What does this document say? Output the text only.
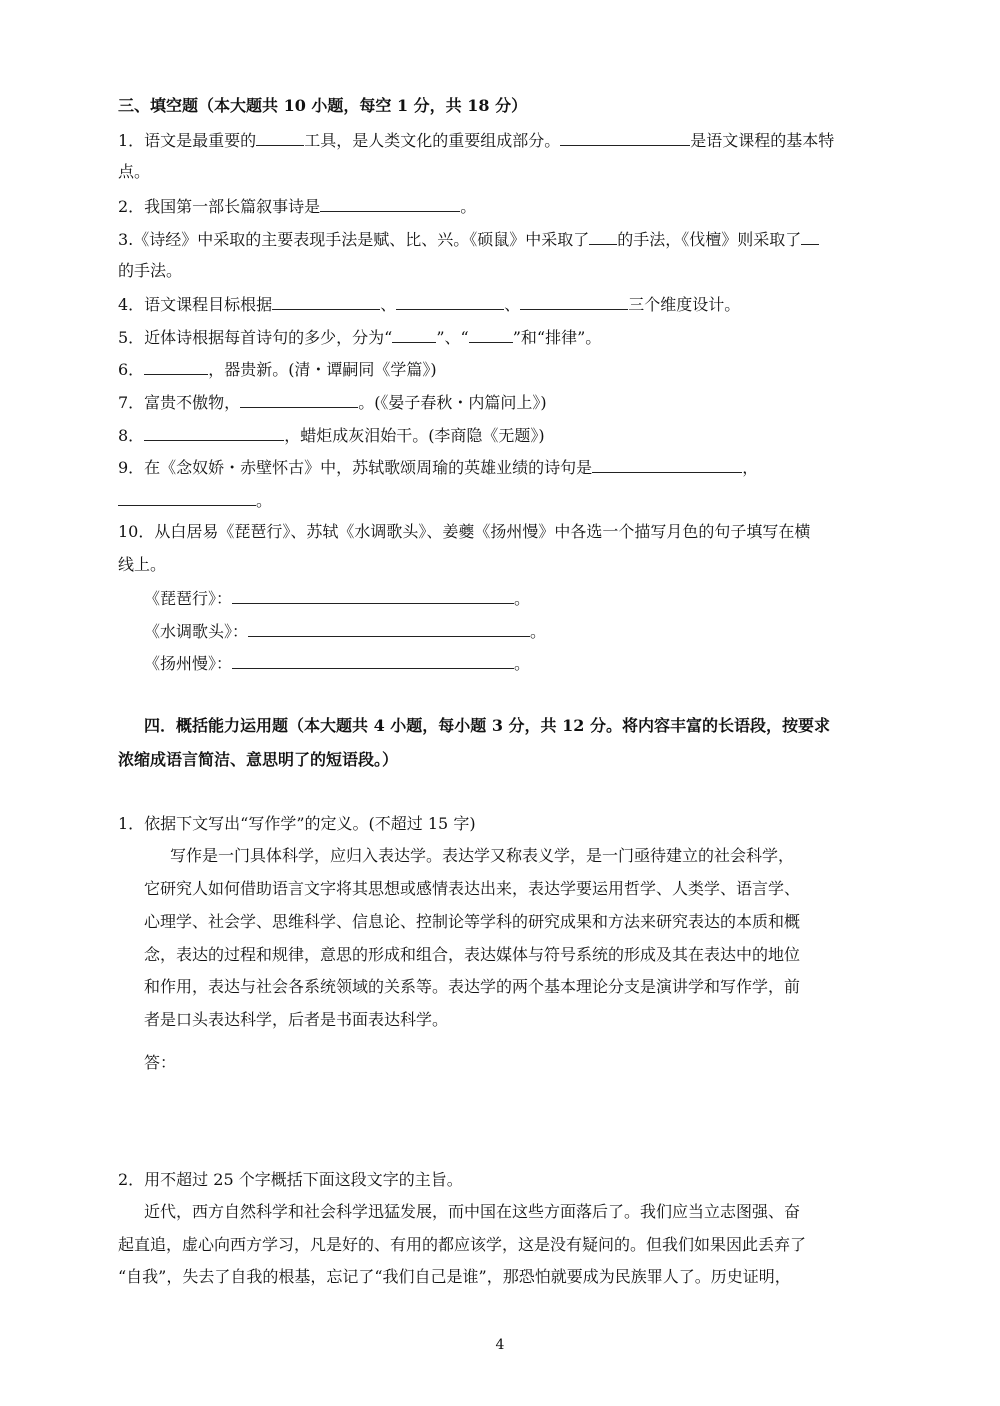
三、填空题（本大题共 10 小题，每空 1 分，共 18 分）
1．语文是最重要的	工具，是人类文化的重要组成部分。	是语文课程的基本特
点。
2．我国第一部长篇叙事诗是	。
3.《诗经》中采取的主要表现手法是赋、比、兴。《硕鼠》中采取了 的手法，《伐檀》则采取了
的手法。
4．语文课程目标根据	、	、	三个维度设计。
5．近体诗根据每首诗句的多少，分为“	”、“	”和“排律”。
6．	，器贵新。(清・谭嗣同《学篇》)
7．富贵不傲物，	。(《晏子春秋・内篇问上》)
8．	，蜡炬成灰泪始干。(李商隐《无题》)
9．在《念奴娇・赤壁怀古》中，苏轼歌颂周瑜的英雄业绩的诗句是	，
。
10．从白居易《琵琶行》、苏轼《水调歌头》、姜夔《扬州慢》中各选一个描写月色的句子填写在横
线上。
《琵琶行》：	。
《水调歌头》：	。
《扬州慢》：	。
四．概括能力运用题（本大题共 4 小题，每小题 3 分，共 12 分。将内容丰富的长语段，按要求
浓缩成语言简洁、意思明了的短语段。）
1．依据下文写出“写作学”的定义。(不超过 15 字)
写作是一门具体科学，应归入表达学。表达学又称表义学，是一门亟待建立的社会科学，
它研究人如何借助语言文字将其思想或感情表达出来，表达学要运用哲学、人类学、语言学、
心理学、社会学、思维科学、信息论、控制论等学科的研究成果和方法来研究表达的本质和概
念，表达的过程和规律，意思的形成和组合，表达媒体与符号系统的形成及其在表达中的地位
和作用，表达与社会各系统领域的关系等。表达学的两个基本理论分支是演讲学和写作学，前
者是口头表达科学，后者是书面表达科学。
答：
2．用不超过 25 个字概括下面这段文字的主旨。
近代，西方自然科学和社会科学迅猛发展，而中国在这些方面落后了。我们应当立志图强、奋
起直追，虚心向西方学习，凡是好的、有用的都应该学，这是没有疑问的。但我们如果因此丢弃了
“自我”，失去了自我的根基，忘记了“我们自己是谁”，那恐怕就要成为民族罪人了。历史证明，
4
